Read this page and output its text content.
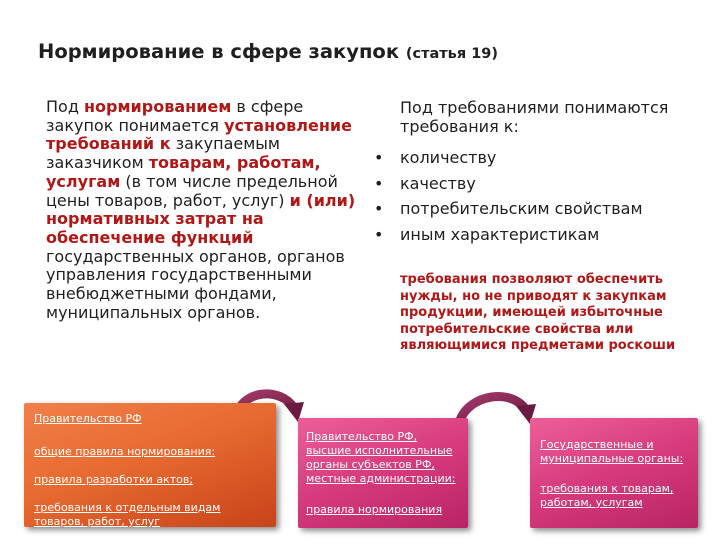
Нормирование в сфере закупок (статья 19)
Под нормированием в сфере закупок понимается установление требований к закупаемым заказчиком товарам, работам, услугам (в том числе предельной цены товаров, работ, услуг) и (или) нормативных затрат на обеспечение функций государственных органов, органов управления государственными внебюджетными фондами, муниципальных органов.
Под требованиями понимаются требования к:
• количеству
• качеству
• потребительским свойствам
• иным характеристикам
требования позволяют обеспечить нужды, но не приводят к закупкам продукции, имеющей избыточные потребительские свойства или являющимися предметами роскоши
Правительство РФ
общие правила нормирования:
правила разработки актов;
требования к отдельным видам товаров, работ, услуг
Правительство РФ, высшие исполнительные органы субъектов РФ, местные администрации:
правила нормирования
Государственные и муниципальные органы:
требования к товарам, работам, услугам
